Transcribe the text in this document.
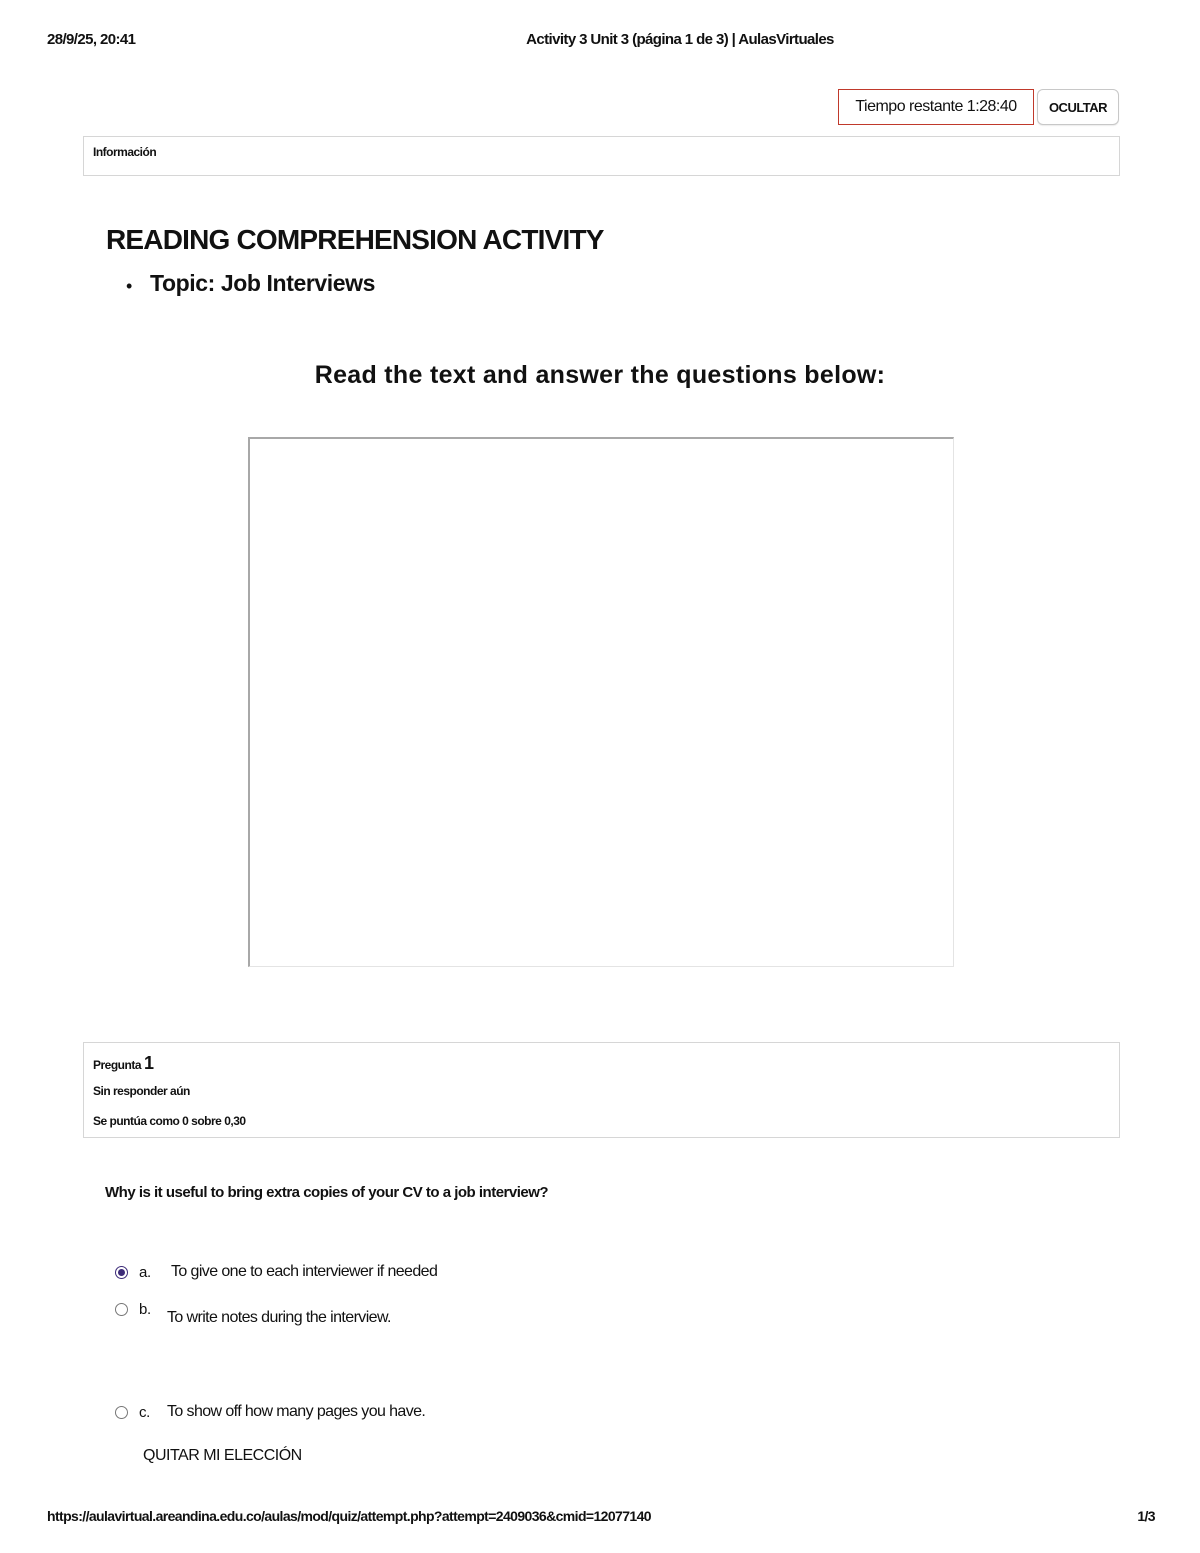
28/9/25, 20:41	Activity 3 Unit 3 (página 1 de 3) | AulasVirtuales
Tiempo restante 1:28:40	OCULTAR
Información
READING COMPREHENSION ACTIVITY
• Topic: Job Interviews
Read the text and answer the questions below:
Pregunta 1
Sin responder aún
Se puntúa como 0 sobre 0,30
Why is it useful to bring extra copies of your CV to a job interview?
a. To give one to each interviewer if needed
b. To write notes during the interview.
c. To show off how many pages you have.
QUITAR MI ELECCIÓN
https://aulavirtual.areandina.edu.co/aulas/mod/quiz/attempt.php?attempt=2409036&cmid=12077140	1/3
